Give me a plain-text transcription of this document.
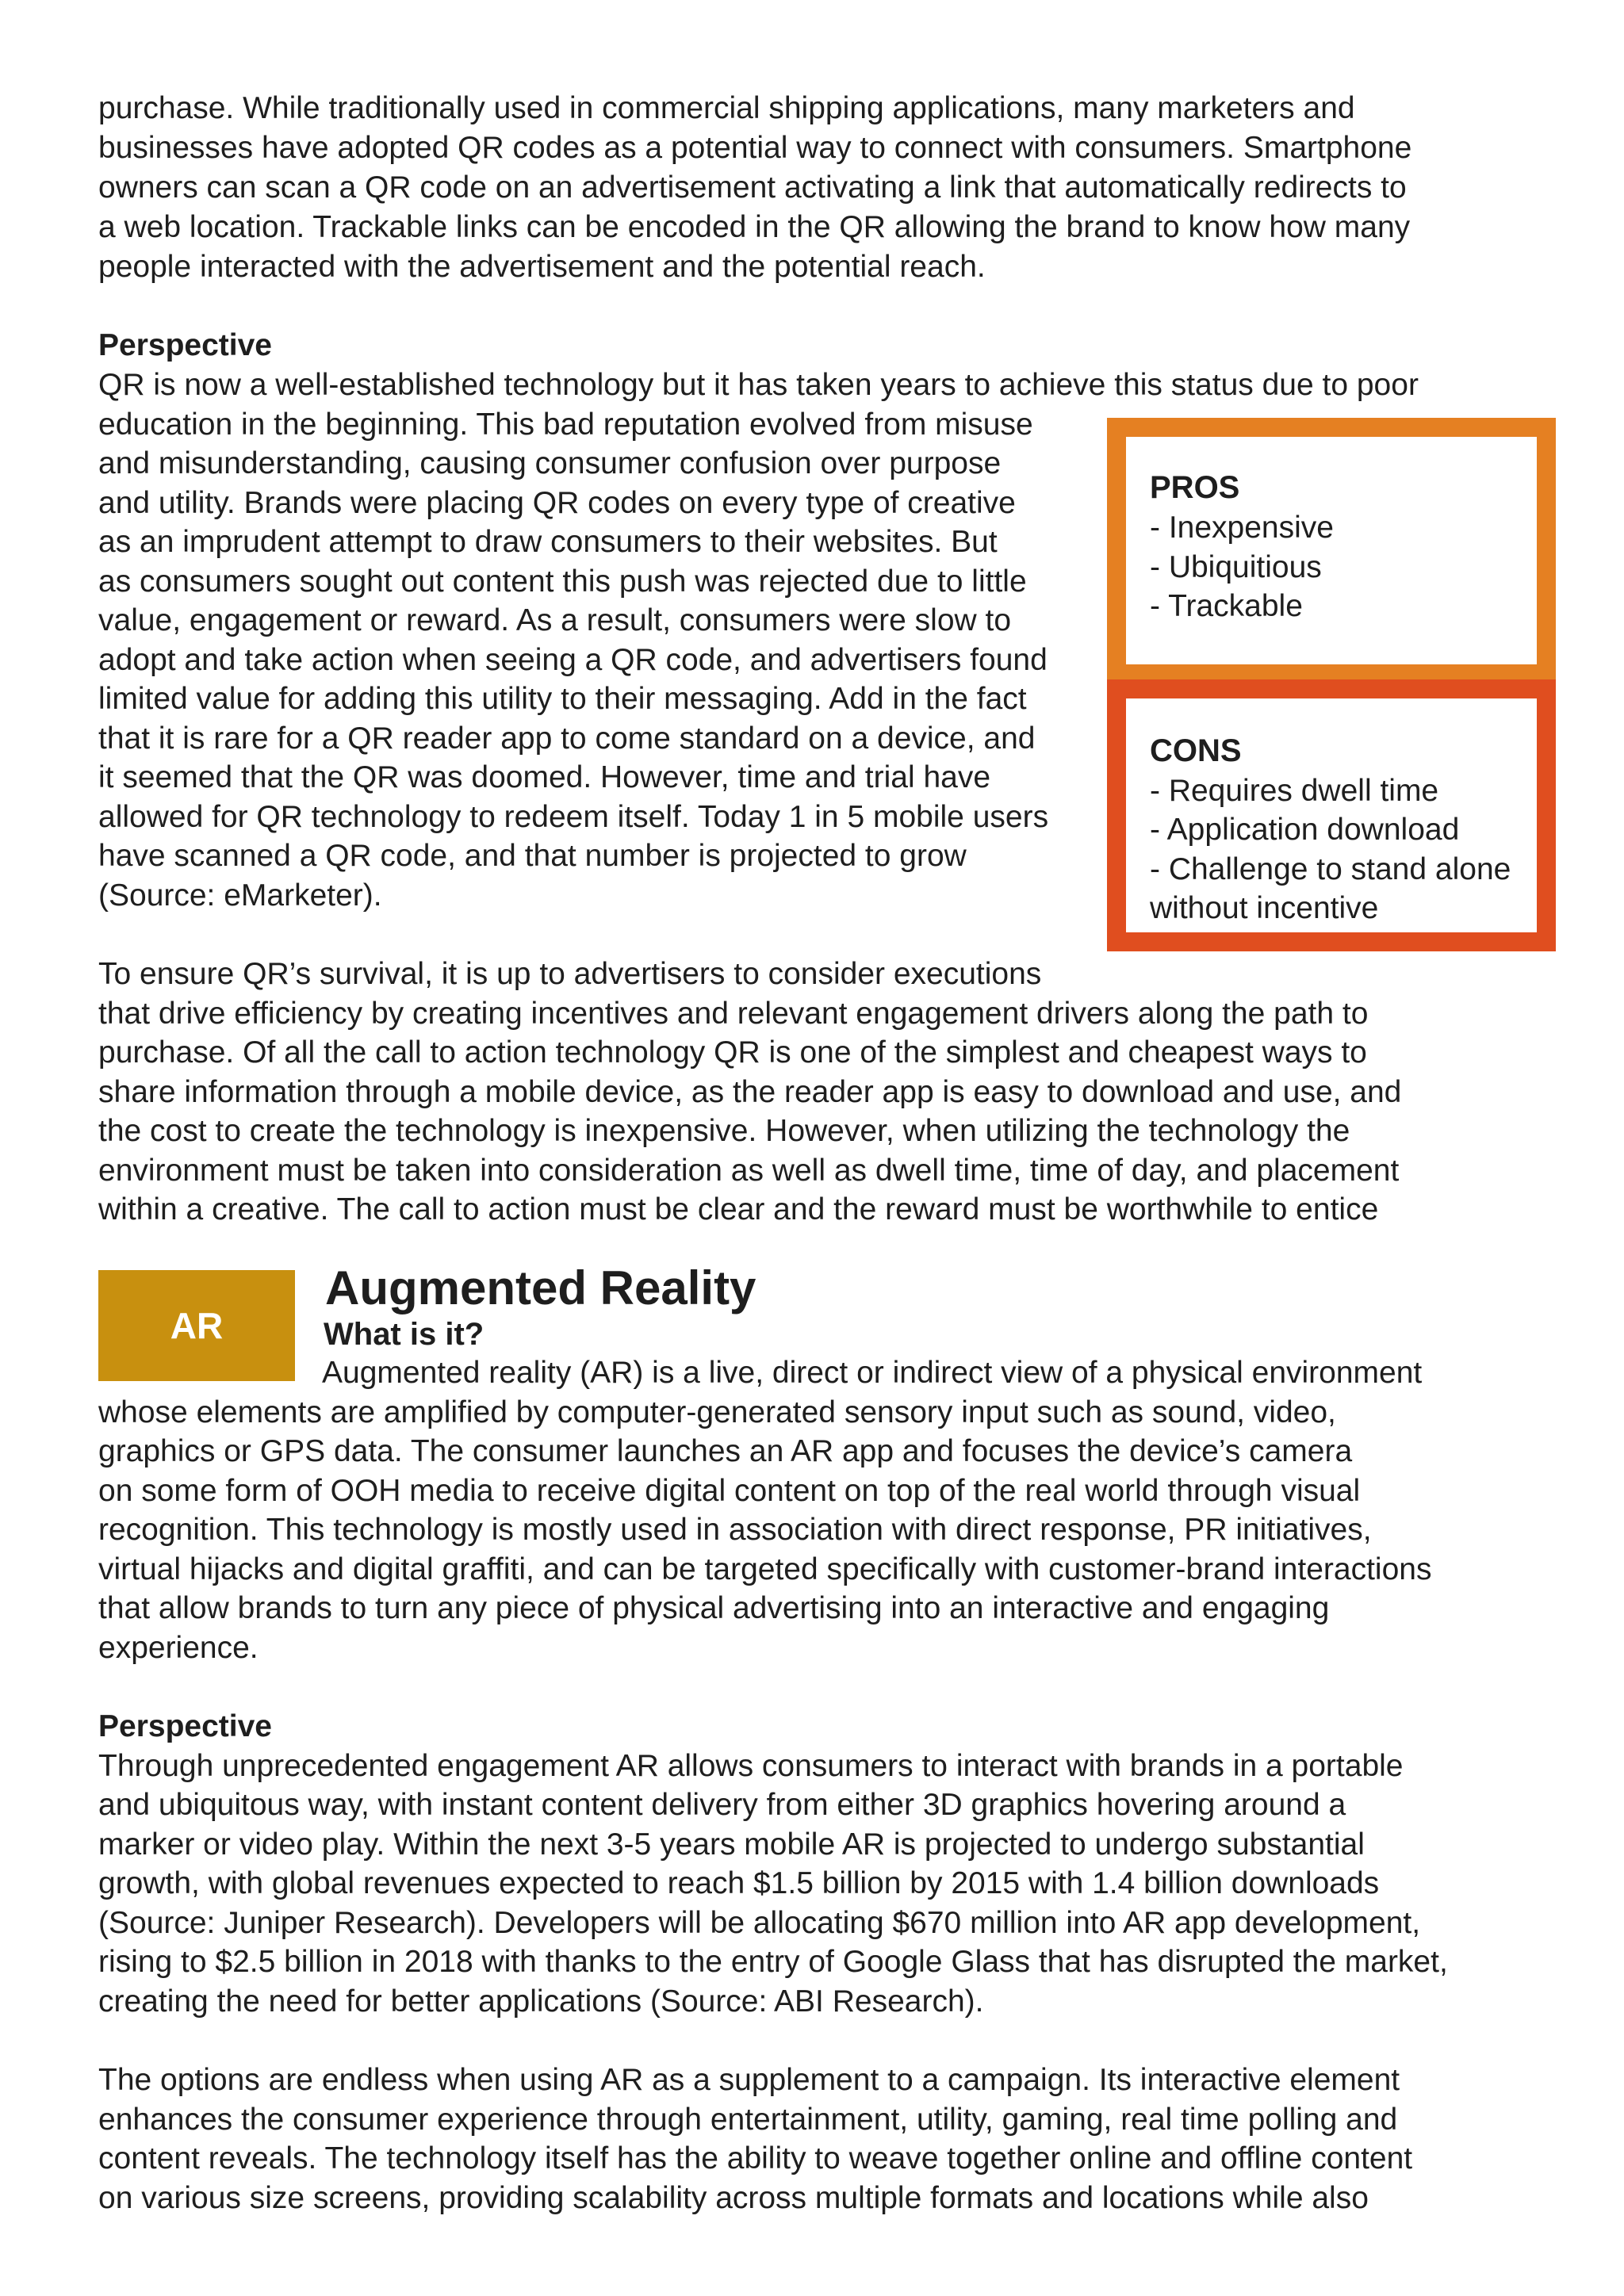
purchase. While traditionally used in commercial shipping applications, many marketers and
businesses have adopted QR codes as a potential way to connect with consumers. Smartphone
owners can scan a QR code on an advertisement activating a link that automatically redirects to
a web location. Trackable links can be encoded in the QR allowing the brand to know how many
people interacted with the advertisement and the potential reach.
Perspective
QR is now a well-established technology but it has taken years to achieve this status due to poor
education in the beginning. This bad reputation evolved from misuse
and misunderstanding, causing consumer confusion over purpose
and utility. Brands were placing QR codes on every type of creative
as an imprudent attempt to draw consumers to their websites. But
as consumers sought out content this push was rejected due to little
value, engagement or reward. As a result, consumers were slow to
adopt and take action when seeing a QR code, and advertisers found
limited value for adding this utility to their messaging. Add in the fact
that it is rare for a QR reader app to come standard on a device, and
it seemed that the QR was doomed. However, time and trial have
allowed for QR technology to redeem itself. Today 1 in 5 mobile users
have scanned a QR code, and that number is projected to grow
(Source: eMarketer).
PROS
- Inexpensive
- Ubiquitious
- Trackable
CONS
- Requires dwell time
- Application download
- Challenge to stand alone
without incentive
To ensure QR’s survival, it is up to advertisers to consider executions
that drive efficiency by creating incentives and relevant engagement drivers along the path to
purchase. Of all the call to action technology QR is one of the simplest and cheapest ways to
share information through a mobile device, as the reader app is easy to download and use, and
the cost to create the technology is inexpensive. However, when utilizing the technology the
environment must be taken into consideration as well as dwell time, time of day, and placement
within a creative. The call to action must be clear and the reward must be worthwhile to entice
AR
Augmented Reality
What is it?
Augmented reality (AR) is a live, direct or indirect view of a physical environment
whose elements are amplified by computer-generated sensory input such as sound, video,
graphics or GPS data. The consumer launches an AR app and focuses the device’s camera
on some form of OOH media to receive digital content on top of the real world through visual
recognition. This technology is mostly used in association with direct response, PR initiatives,
virtual hijacks and digital graffiti, and can be targeted specifically with customer-brand interactions
that allow brands to turn any piece of physical advertising into an interactive and engaging
experience.
Perspective
Through unprecedented engagement AR allows consumers to interact with brands in a portable
and ubiquitous way, with instant content delivery from either 3D graphics hovering around a
marker or video play. Within the next 3-5 years mobile AR is projected to undergo substantial
growth, with global revenues expected to reach $1.5 billion by 2015 with 1.4 billion downloads
(Source: Juniper Research). Developers will be allocating $670 million into AR app development,
rising to $2.5 billion in 2018 with thanks to the entry of Google Glass that has disrupted the market,
creating the need for better applications (Source: ABI Research).
The options are endless when using AR as a supplement to a campaign. Its interactive element
enhances the consumer experience through entertainment, utility, gaming, real time polling and
content reveals. The technology itself has the ability to weave together online and offline content
on various size screens, providing scalability across multiple formats and locations while also
